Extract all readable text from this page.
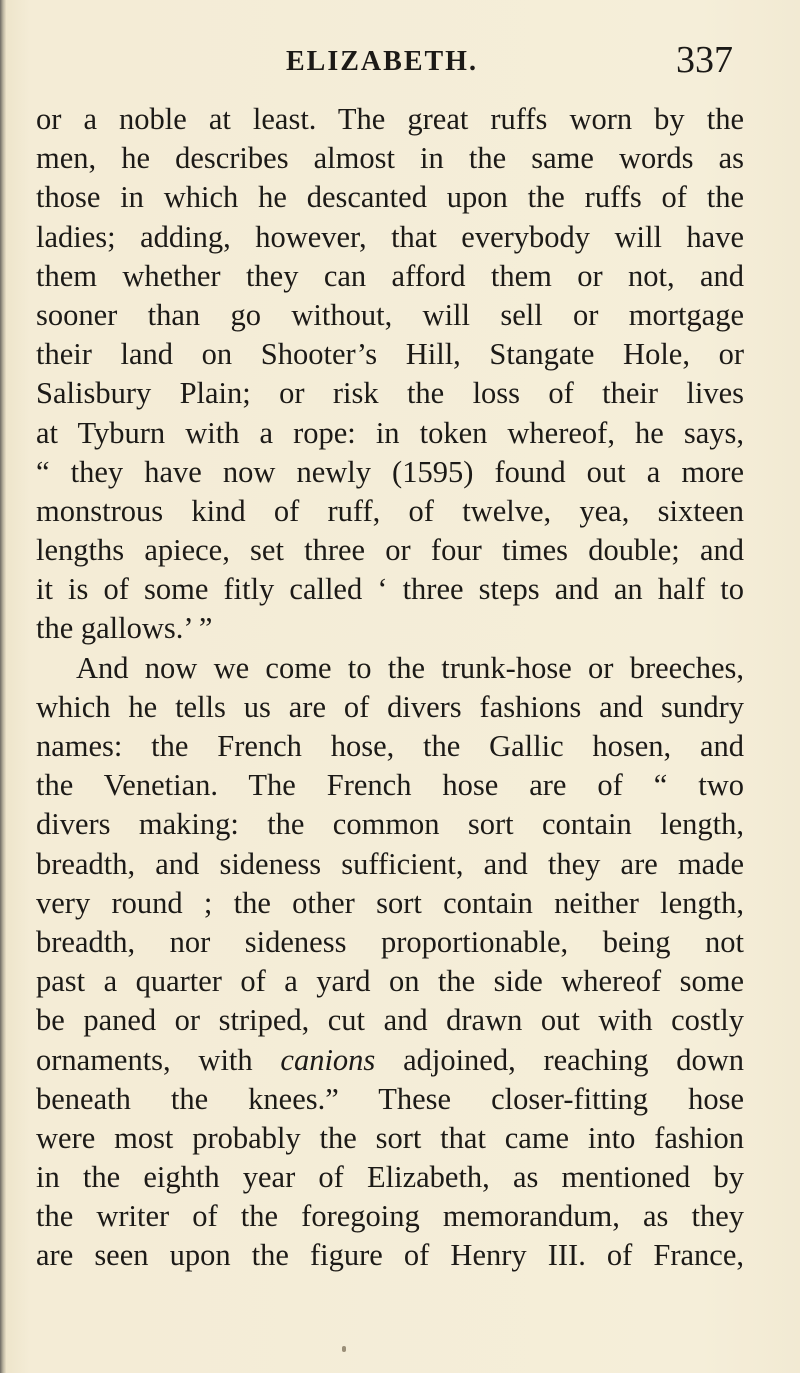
ELIZABETH.	337
or a noble at least. The great ruffs worn by the
men, he describes almost in the same words as
those in which he descanted upon the ruffs of the
ladies; adding, however, that everybody will have
them whether they can afford them or not, and
sooner than go without, will sell or mortgage
their land on Shooter’s Hill, Stangate Hole, or
Salisbury Plain; or risk the loss of their lives
at Tyburn with a rope: in token whereof, he says,
“ they have now newly (1595) found out a more
monstrous kind of ruff, of twelve, yea, sixteen
lengths apiece, set three or four times double; and
it is of some fitly called ‘ three steps and an half to
the gallows.’ ”
And now we come to the trunk-hose or breeches,
which he tells us are of divers fashions and sundry
names: the French hose, the Gallic hosen, and
the Venetian. The French hose are of “ two
divers making: the common sort contain length,
breadth, and sideness sufficient, and they are made
very round ; the other sort contain neither length,
breadth, nor sideness proportionable, being not
past a quarter of a yard on the side whereof some
be paned or striped, cut and drawn out with costly
ornaments, with canions adjoined, reaching down
beneath the knees.” These closer-fitting hose
were most probably the sort that came into fashion
in the eighth year of Elizabeth, as mentioned by
the writer of the foregoing memorandum, as they
are seen upon the figure of Henry III. of France,
